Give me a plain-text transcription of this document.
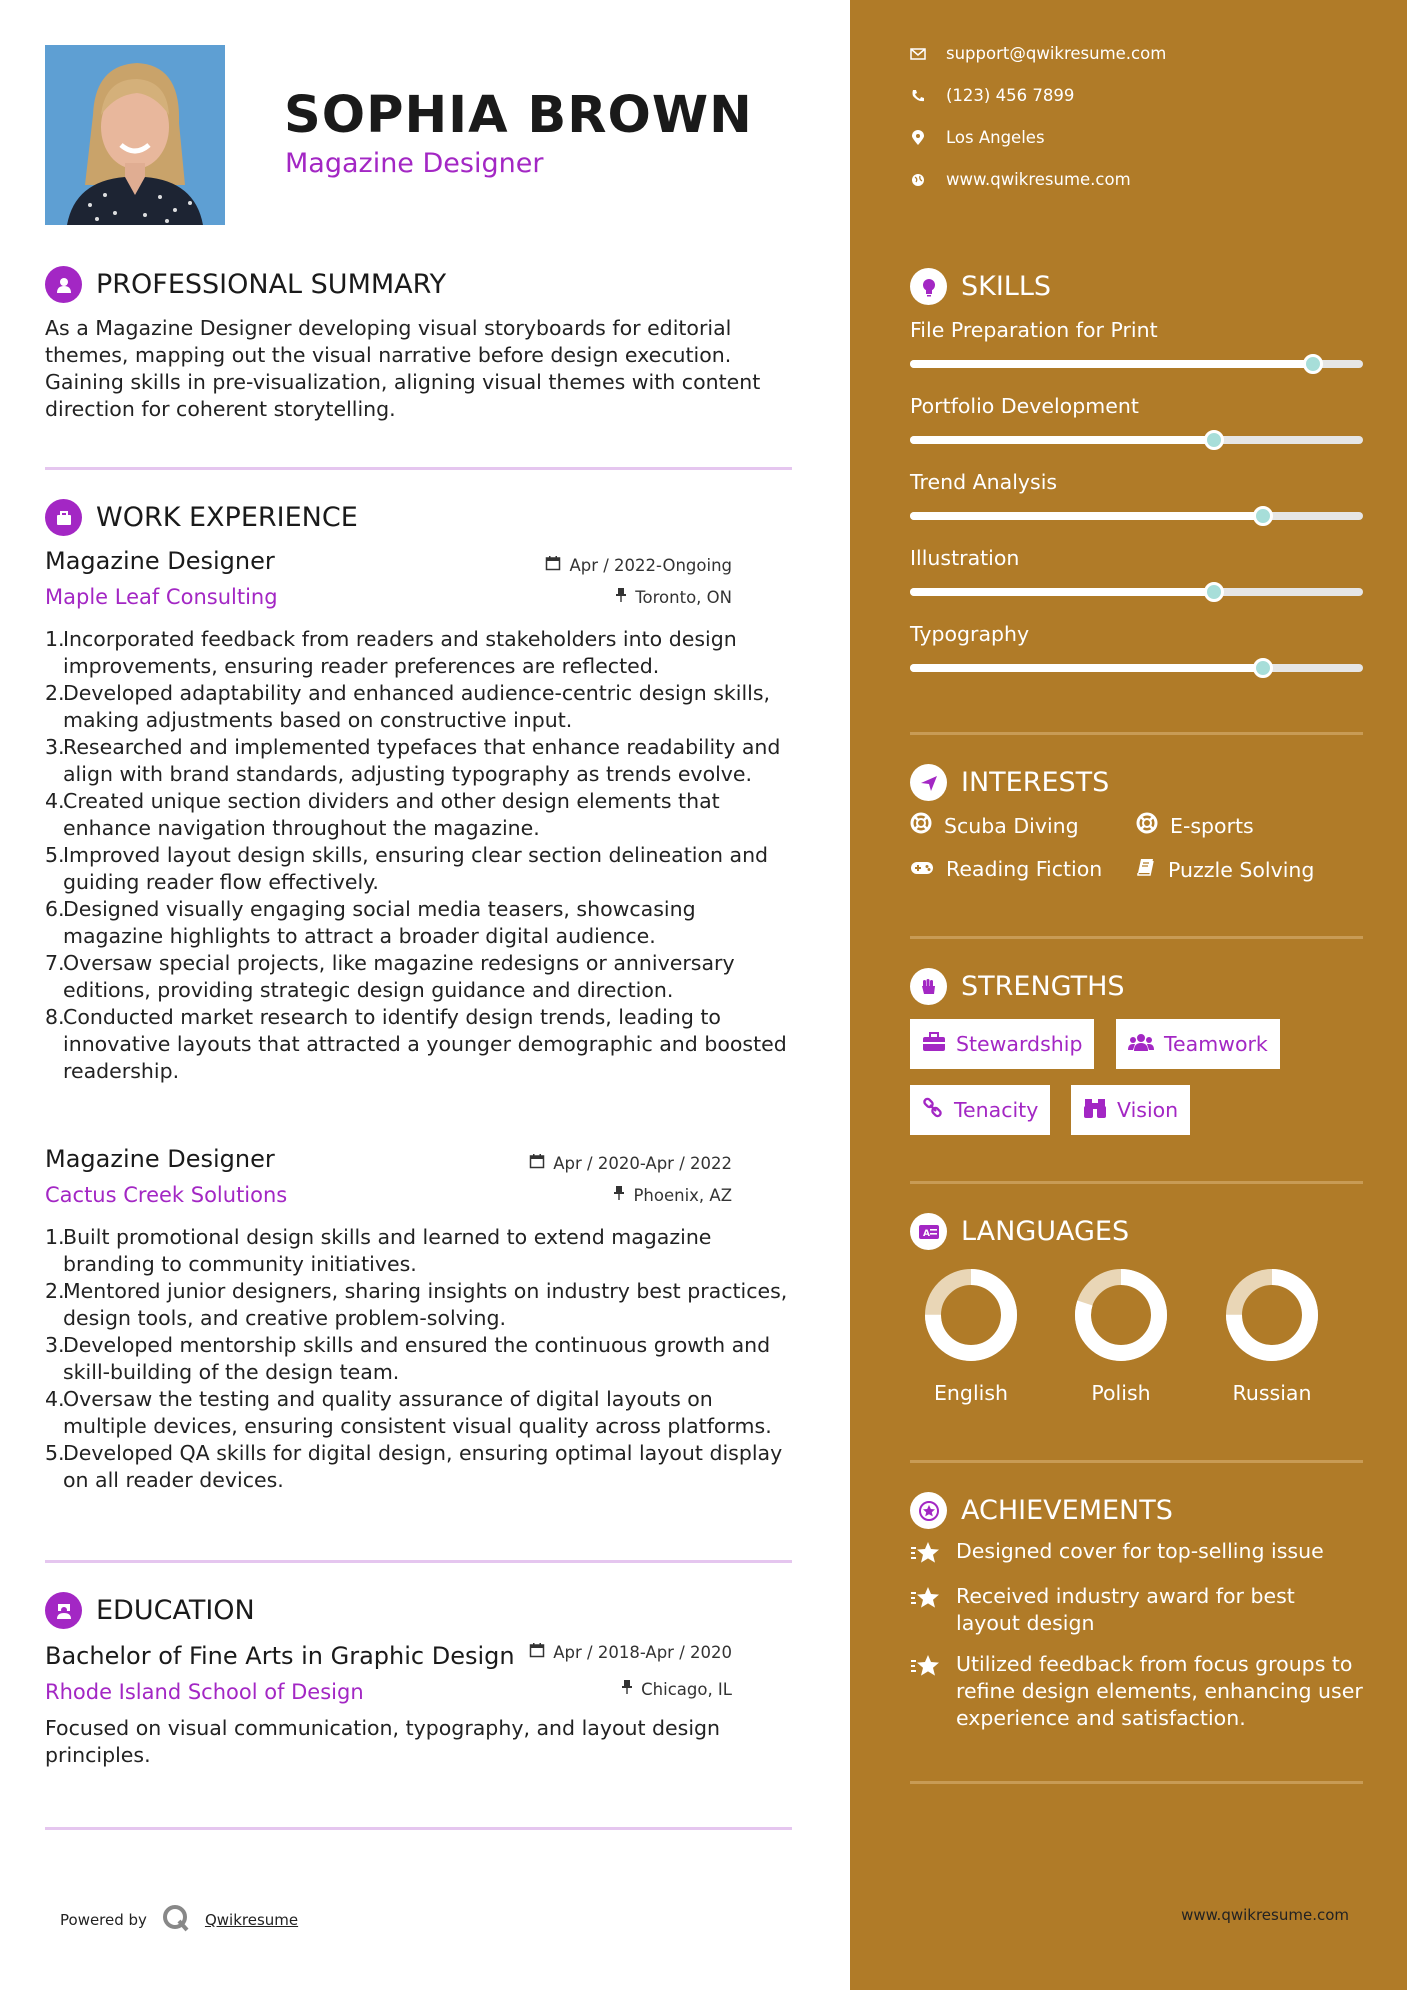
SOPHIA BROWN
Magazine Designer
PROFESSIONAL SUMMARY
As a Magazine Designer developing visual storyboards for editorial themes, mapping out the visual narrative before design execution. Gaining skills in pre-visualization, aligning visual themes with content direction for coherent storytelling.
WORK EXPERIENCE
Magazine Designer
Maple Leaf Consulting
Apr / 2022-Ongoing
Toronto, ON
1.
Incorporated feedback from readers and stakeholders into design improvements, ensuring reader preferences are reflected.
2.
Developed adaptability and enhanced audience-centric design skills, making adjustments based on constructive input.
3.
Researched and implemented typefaces that enhance readability and align with brand standards, adjusting typography as trends evolve.
4.
Created unique section dividers and other design elements that enhance navigation throughout the magazine.
5.
Improved layout design skills, ensuring clear section delineation and guiding reader flow effectively.
6.
Designed visually engaging social media teasers, showcasing magazine highlights to attract a broader digital audience.
7.
Oversaw special projects, like magazine redesigns or anniversary editions, providing strategic design guidance and direction.
8.
Conducted market research to identify design trends, leading to innovative layouts that attracted a younger demographic and boosted readership.
Magazine Designer
Cactus Creek Solutions
Apr / 2020-Apr / 2022
Phoenix, AZ
1.
Built promotional design skills and learned to extend magazine branding to community initiatives.
2.
Mentored junior designers, sharing insights on industry best practices, design tools, and creative problem-solving.
3.
Developed mentorship skills and ensured the continuous growth and skill-building of the design team.
4.
Oversaw the testing and quality assurance of digital layouts on multiple devices, ensuring consistent visual quality across platforms.
5.
Developed QA skills for digital design, ensuring optimal layout display on all reader devices.
EDUCATION
Bachelor of Fine Arts in Graphic Design
Rhode Island School of Design
Apr / 2018-Apr / 2020
Chicago, IL
Focused on visual communication, typography, and layout design principles.
Powered by	Qwikresume
support@qwikresume.com
(123) 456 7899
Los Angeles
www.qwikresume.com
SKILLS
File Preparation for Print
Portfolio Development
Trend Analysis
Illustration
Typography
INTERESTS
Scuba Diving	E-sports
Reading Fiction	Puzzle Solving
STRENGTHS
Stewardship	Teamwork
Tenacity	Vision
A LANGUAGES
English	Polish	Russian
ACHIEVEMENTS
Designed cover for top-selling issue
Received industry award for best layout design
Utilized feedback from focus groups to refine design elements, enhancing user experience and satisfaction.
www.qwikresume.com
